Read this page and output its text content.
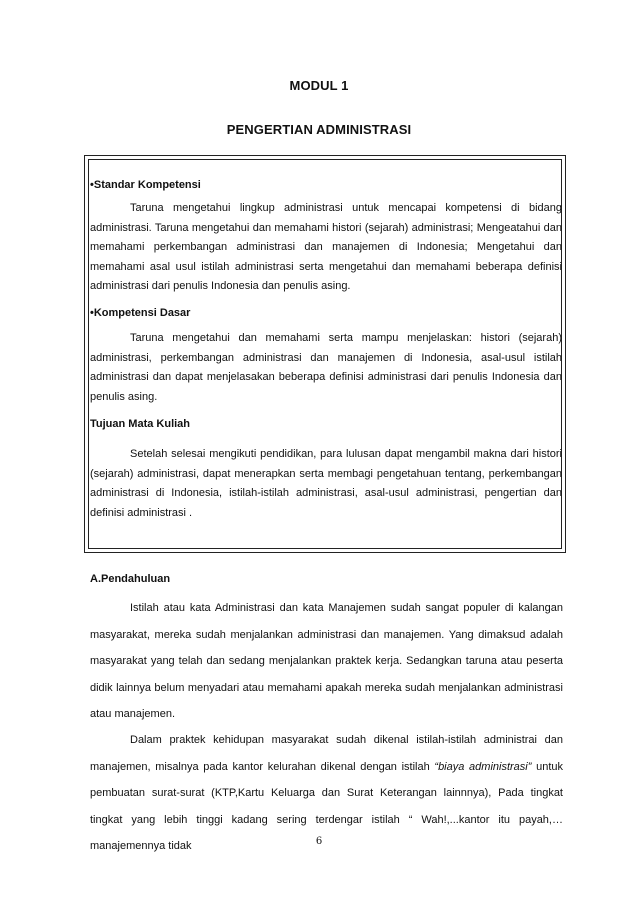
MODUL 1
PENGERTIAN ADMINISTRASI
•Standar Kompetensi

Taruna mengetahui lingkup administrasi untuk mencapai kompetensi di bidang administrasi. Taruna mengetahui dan memahami histori (sejarah) administrasi; Mengeatahui dan memahami perkembangan administrasi dan manajemen di Indonesia; Mengetahui dan memahami asal usul istilah administrasi serta mengetahui dan memahami beberapa definisi administrasi dari penulis Indonesia dan penulis asing.

•Kompetensi Dasar

Taruna mengetahui dan memahami serta mampu menjelaskan: histori (sejarah) administrasi, perkembangan administrasi dan manajemen di Indonesia, asal-usul istilah administrasi dan dapat menjelasakan beberapa definisi administrasi dari penulis Indonesia dan penulis asing.

Tujuan Mata Kuliah

Setelah selesai mengikuti pendidikan, para lulusan dapat mengambil makna dari histori (sejarah) administrasi, dapat menerapkan serta membagi pengetahuan tentang, perkembangan administrasi di Indonesia, istilah-istilah administrasi, asal-usul administrasi, pengertian dan definisi administrasi .

A.Pendahuluan

Istilah atau kata Administrasi dan kata Manajemen sudah sangat populer di kalangan masyarakat, mereka sudah menjalankan administrasi dan manajemen. Yang dimaksud adalah masyarakat yang telah dan sedang menjalankan praktek kerja. Sedangkan taruna atau peserta didik lainnya belum menyadari atau memahami apakah mereka sudah menjalankan administrasi atau manajemen.

Dalam praktek kehidupan masyarakat sudah dikenal istilah-istilah administrai dan manajemen, misalnya pada kantor kelurahan dikenal dengan istilah “biaya administrasi” untuk pembuatan surat-surat (KTP,Kartu Keluarga dan Surat Keterangan lainnnya), Pada tingkat tingkat yang lebih tinggi kadang sering terdengar istilah “ Wah!,...kantor itu payah,…manajemennya tidak	6
